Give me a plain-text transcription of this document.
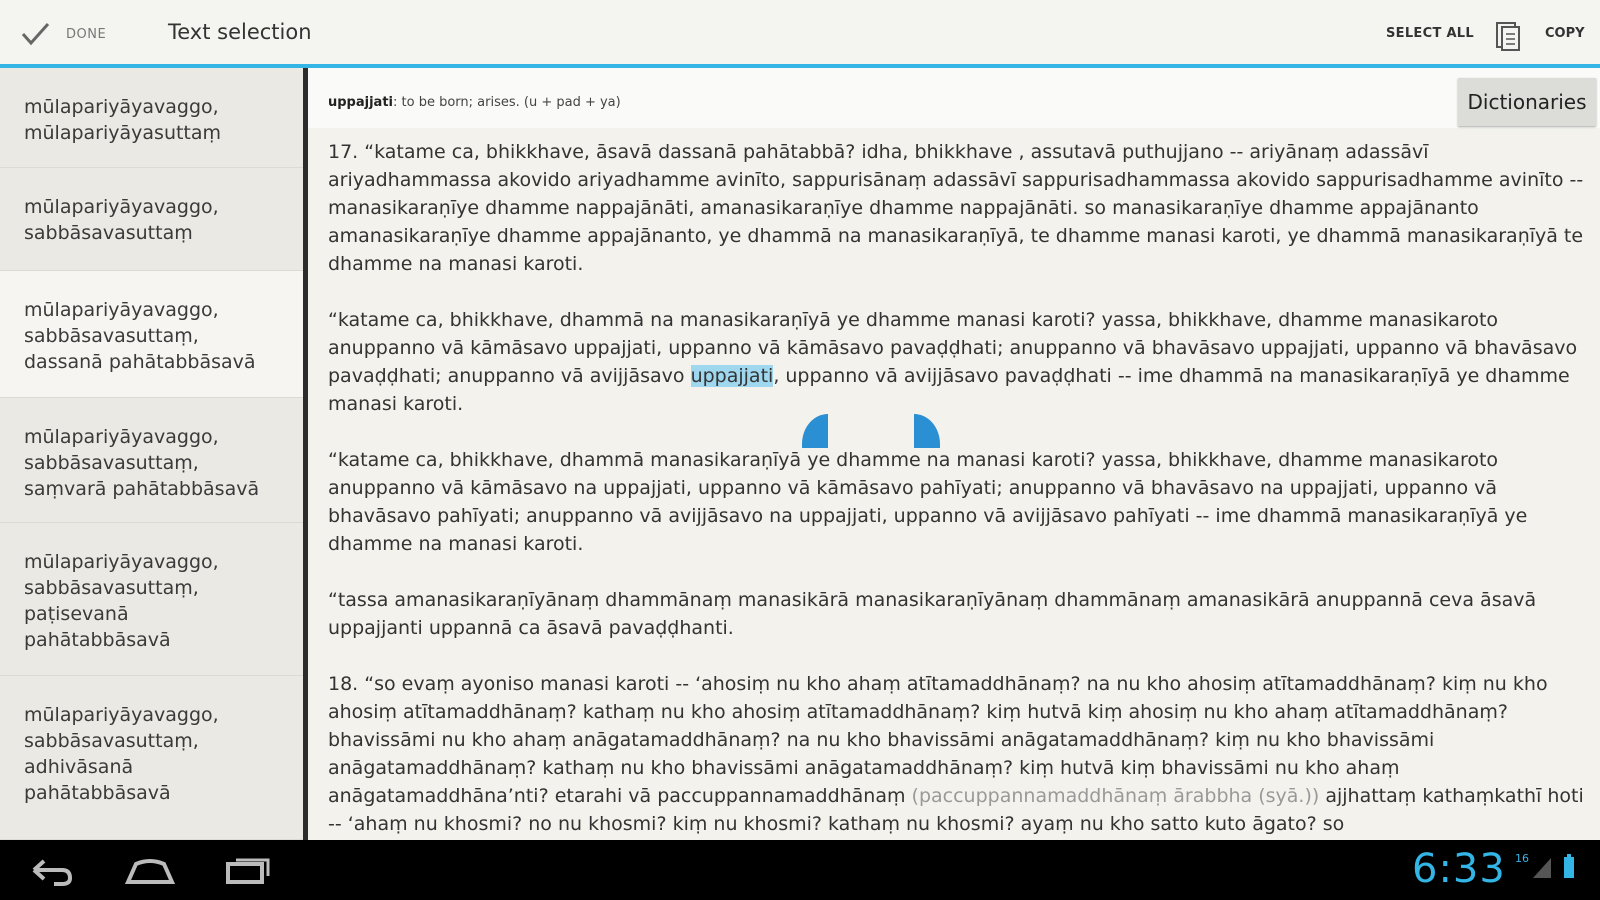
DONE	Text selection	SELECT ALL	COPY
mūlapariyāyavaggo,
mūlapariyāyasuttaṃ
mūlapariyāyavaggo,
sabbāsavasuttaṃ
mūlapariyāyavaggo,
sabbāsavasuttaṃ,
dassanā pahātabbāsavā
mūlapariyāyavaggo,
sabbāsavasuttaṃ,
saṃvarā pahātabbāsavā
mūlapariyāyavaggo,
sabbāsavasuttaṃ,
paṭisevanā
pahātabbāsavā
mūlapariyāyavaggo,
sabbāsavasuttaṃ,
adhivāsanā
pahātabbāsavā
uppajjati: to be born; arises. (u + pad + ya)	Dictionaries

17. “katame ca, bhikkhave, āsavā dassanā pahātabbā? idha, bhikkhave , assutavā puthujjano -- ariyānaṃ adassāvī ariyadhammassa akovido ariyadhamme avinīto, sappurisānaṃ adassāvī sappurisadhammassa akovido sappurisadhamme avinīto -- manasikaraṇīye dhamme nappajānāti, amanasikaraṇīye dhamme nappajānāti. so manasikaraṇīye dhamme appajānanto amanasikaraṇīye dhamme appajānanto, ye dhammā na manasikaraṇīyā, te dhamme manasi karoti, ye dhammā manasikaraṇīyā te dhamme na manasi karoti.

“katame ca, bhikkhave, dhammā na manasikaraṇīyā ye dhamme manasi karoti? yassa, bhikkhave, dhamme manasikaroto anuppanno vā kāmāsavo uppajjati, uppanno vā kāmāsavo pavaḍḍhati; anuppanno vā bhavāsavo uppajjati, uppanno vā bhavāsavo pavaḍḍhati; anuppanno vā avijjāsavo uppajjati, uppanno vā avijjāsavo pavaḍḍhati -- ime dhammā na manasikaraṇīyā ye dhamme manasi karoti.

“katame ca, bhikkhave, dhammā manasikaraṇīyā ye dhamme na manasi karoti? yassa, bhikkhave, dhamme manasikaroto anuppanno vā kāmāsavo na uppajjati, uppanno vā kāmāsavo pahīyati; anuppanno vā bhavāsavo na uppajjati, uppanno vā bhavāsavo pahīyati; anuppanno vā avijjāsavo na uppajjati, uppanno vā avijjāsavo pahīyati -- ime dhammā manasikaraṇīyā ye dhamme na manasi karoti.

“tassa amanasikaraṇīyānaṃ dhammānaṃ manasikārā manasikaraṇīyānaṃ dhammānaṃ amanasikārā anuppannā ceva āsavā uppajjanti uppannā ca āsavā pavaḍḍhanti.

18. “so evaṃ ayoniso manasi karoti -- ‘ahosiṃ nu kho ahaṃ atītamaddhānaṃ? na nu kho ahosiṃ atītamaddhānaṃ? kiṃ nu kho ahosiṃ atītamaddhānaṃ? kathaṃ nu kho ahosiṃ atītamaddhānaṃ? kiṃ hutvā kiṃ ahosiṃ nu kho ahaṃ atītamaddhānaṃ? bhavissāmi nu kho ahaṃ anāgatamaddhānaṃ? na nu kho bhavissāmi anāgatamaddhānaṃ? kiṃ nu kho bhavissāmi anāgatamaddhānaṃ? kathaṃ nu kho bhavissāmi anāgatamaddhānaṃ? kiṃ hutvā kiṃ bhavissāmi nu kho ahaṃ anāgatamaddhāna’nti? etarahi vā paccuppannamaddhānaṃ (paccuppannamaddhānaṃ ārabbha (syā.)) ajjhattaṃ kathaṃkathī hoti -- ‘ahaṃ nu khosmi? no nu khosmi? kiṃ nu khosmi? kathaṃ nu khosmi? ayaṃ nu kho satto kuto āgato? so

6:33 16
